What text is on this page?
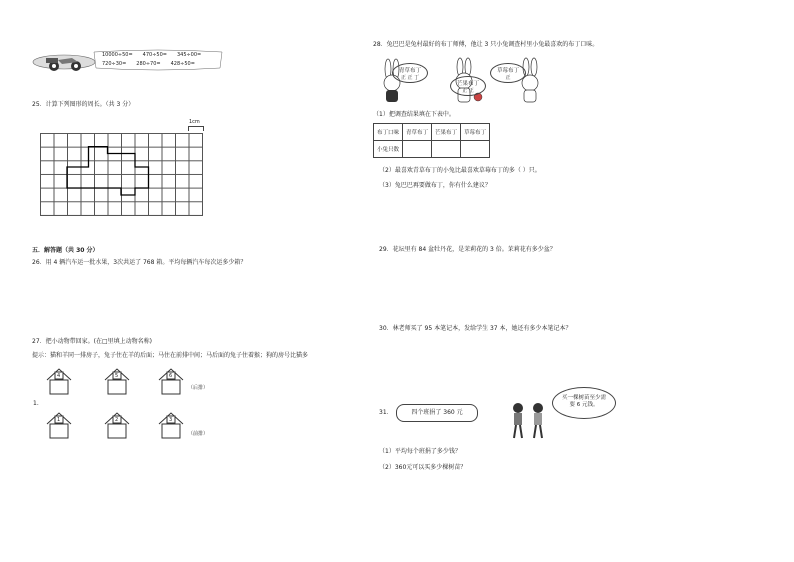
10000÷50= 470÷50= 345÷00=
720÷30= 280÷70= 428÷50=
25．计算下列图形的周长。（共 3 分）
1cm
五．解答题（共 30 分）
26．用 4 辆汽车运一批水果，3次共运了 768 箱。平均每辆汽车每次运多少箱？
27．把小动物带回家。(在□里填上动物名称)
提示：猫和羊同一排房子，兔子住在羊的后面；马住在前排中间；马后面的兔子住着猴；狗的房号比猫多
4	5	6
（后排）
1.
1	2	3
（前排）
28．兔巴巴是兔村最好的布丁师傅，他让 3 只小兔调查村里小兔最喜欢的布丁口味。
青草布丁
正 正 丁
芒果布丁
正 正
草莓布丁
正
（1）把调查结果填在下表中。
布丁口味	青草布丁	芒果布丁	草莓布丁
小兔只数			
（2）最喜欢青草布丁的小兔比最喜欢草莓布丁的多（ ）只。
（3）兔巴巴再要做布丁，你有什么建议？
29．花坛里有 84 盆牡丹花，是茉莉花的 3 倍。茉莉花有多少盆？
30．林老师买了 95 本笔记本，发给学生 37 本，她还有多少本笔记本？
31．	四个班捐了 360 元
买一棵树苗至少需要 6 元钱。
（1）平均每个班捐了多少钱？
（2）360元可以买多少棵树苗？
